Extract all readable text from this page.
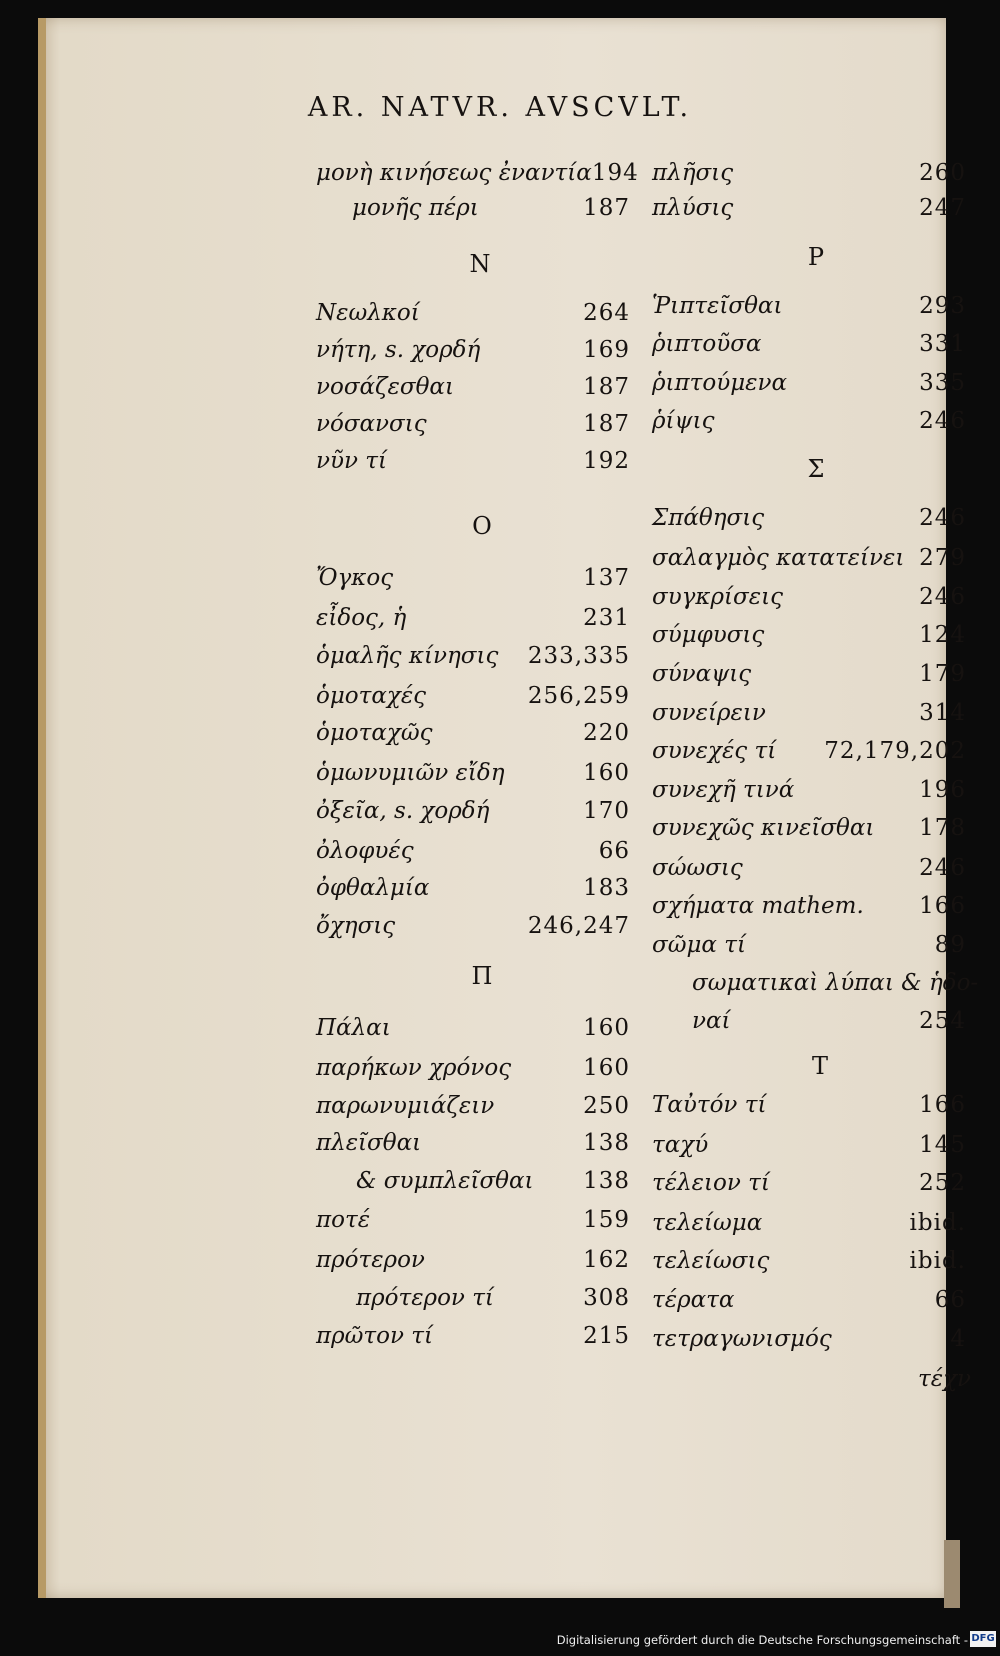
AR. NATVR. AVSCVLT.
μονὴ κινήσεως ἐναντία 194
μονῆς πέρι	187
N
Νεωλκοί	264
νήτη, s. χορδή	169
νοσάζεσθαι	187
νόσανσις	187
νῦν τί	192
O
Ὄγκος	137
εἶδος, ἡ	231
ὁμαλῆς κίνησις 233,335
ὁμοταχές	256,259
ὁμοταχῶς	220
ὁμωνυμιῶν εἴδη	160
ὀξεῖα, s. χορδή	170
ὀλοφυές	66
ὀφθαλμία	183
ὄχησις	246,247
Π
Πάλαι	160
παρήκων χρόνος	160
παρωνυμιάζειν	250
πλεῖσθαι	138
& συμπλεῖσθαι 138
ποτέ	159
πρότερον	162
πρότερον τί	308
πρῶτον τί	215
πλῆσις	260
πλύσις	247
P
Ῥιπτεῖσθαι	293
ῥιπτοῦσα	331
ῥιπτούμενα	335
ῥίψις	246
Σ
Σπάθησις	246
σαλαγμὸς κατατείνει 279
συγκρίσεις	246
σύμφυσις	124
σύναψις	179
συνείρειν	314
συνεχές τί 72,179,202
συνεχῆ τινά	196
συνεχῶς κινεῖσθαι 178
σώωσις	246
σχήματα mathem. 166
σῶμα τί	89
σωματικαὶ λύπαι & ἡδο-
ναί	254
T
Ταὐτόν τί	166
ταχύ	145
τέλειον τί	252
τελείωμα	ibid.
τελείωσις	ibid.
τέρατα	66
τετραγωνισμός	4
τέχν
Digitalisierung gefördert durch die Deutsche Forschungsgemeinschaft - DFG
